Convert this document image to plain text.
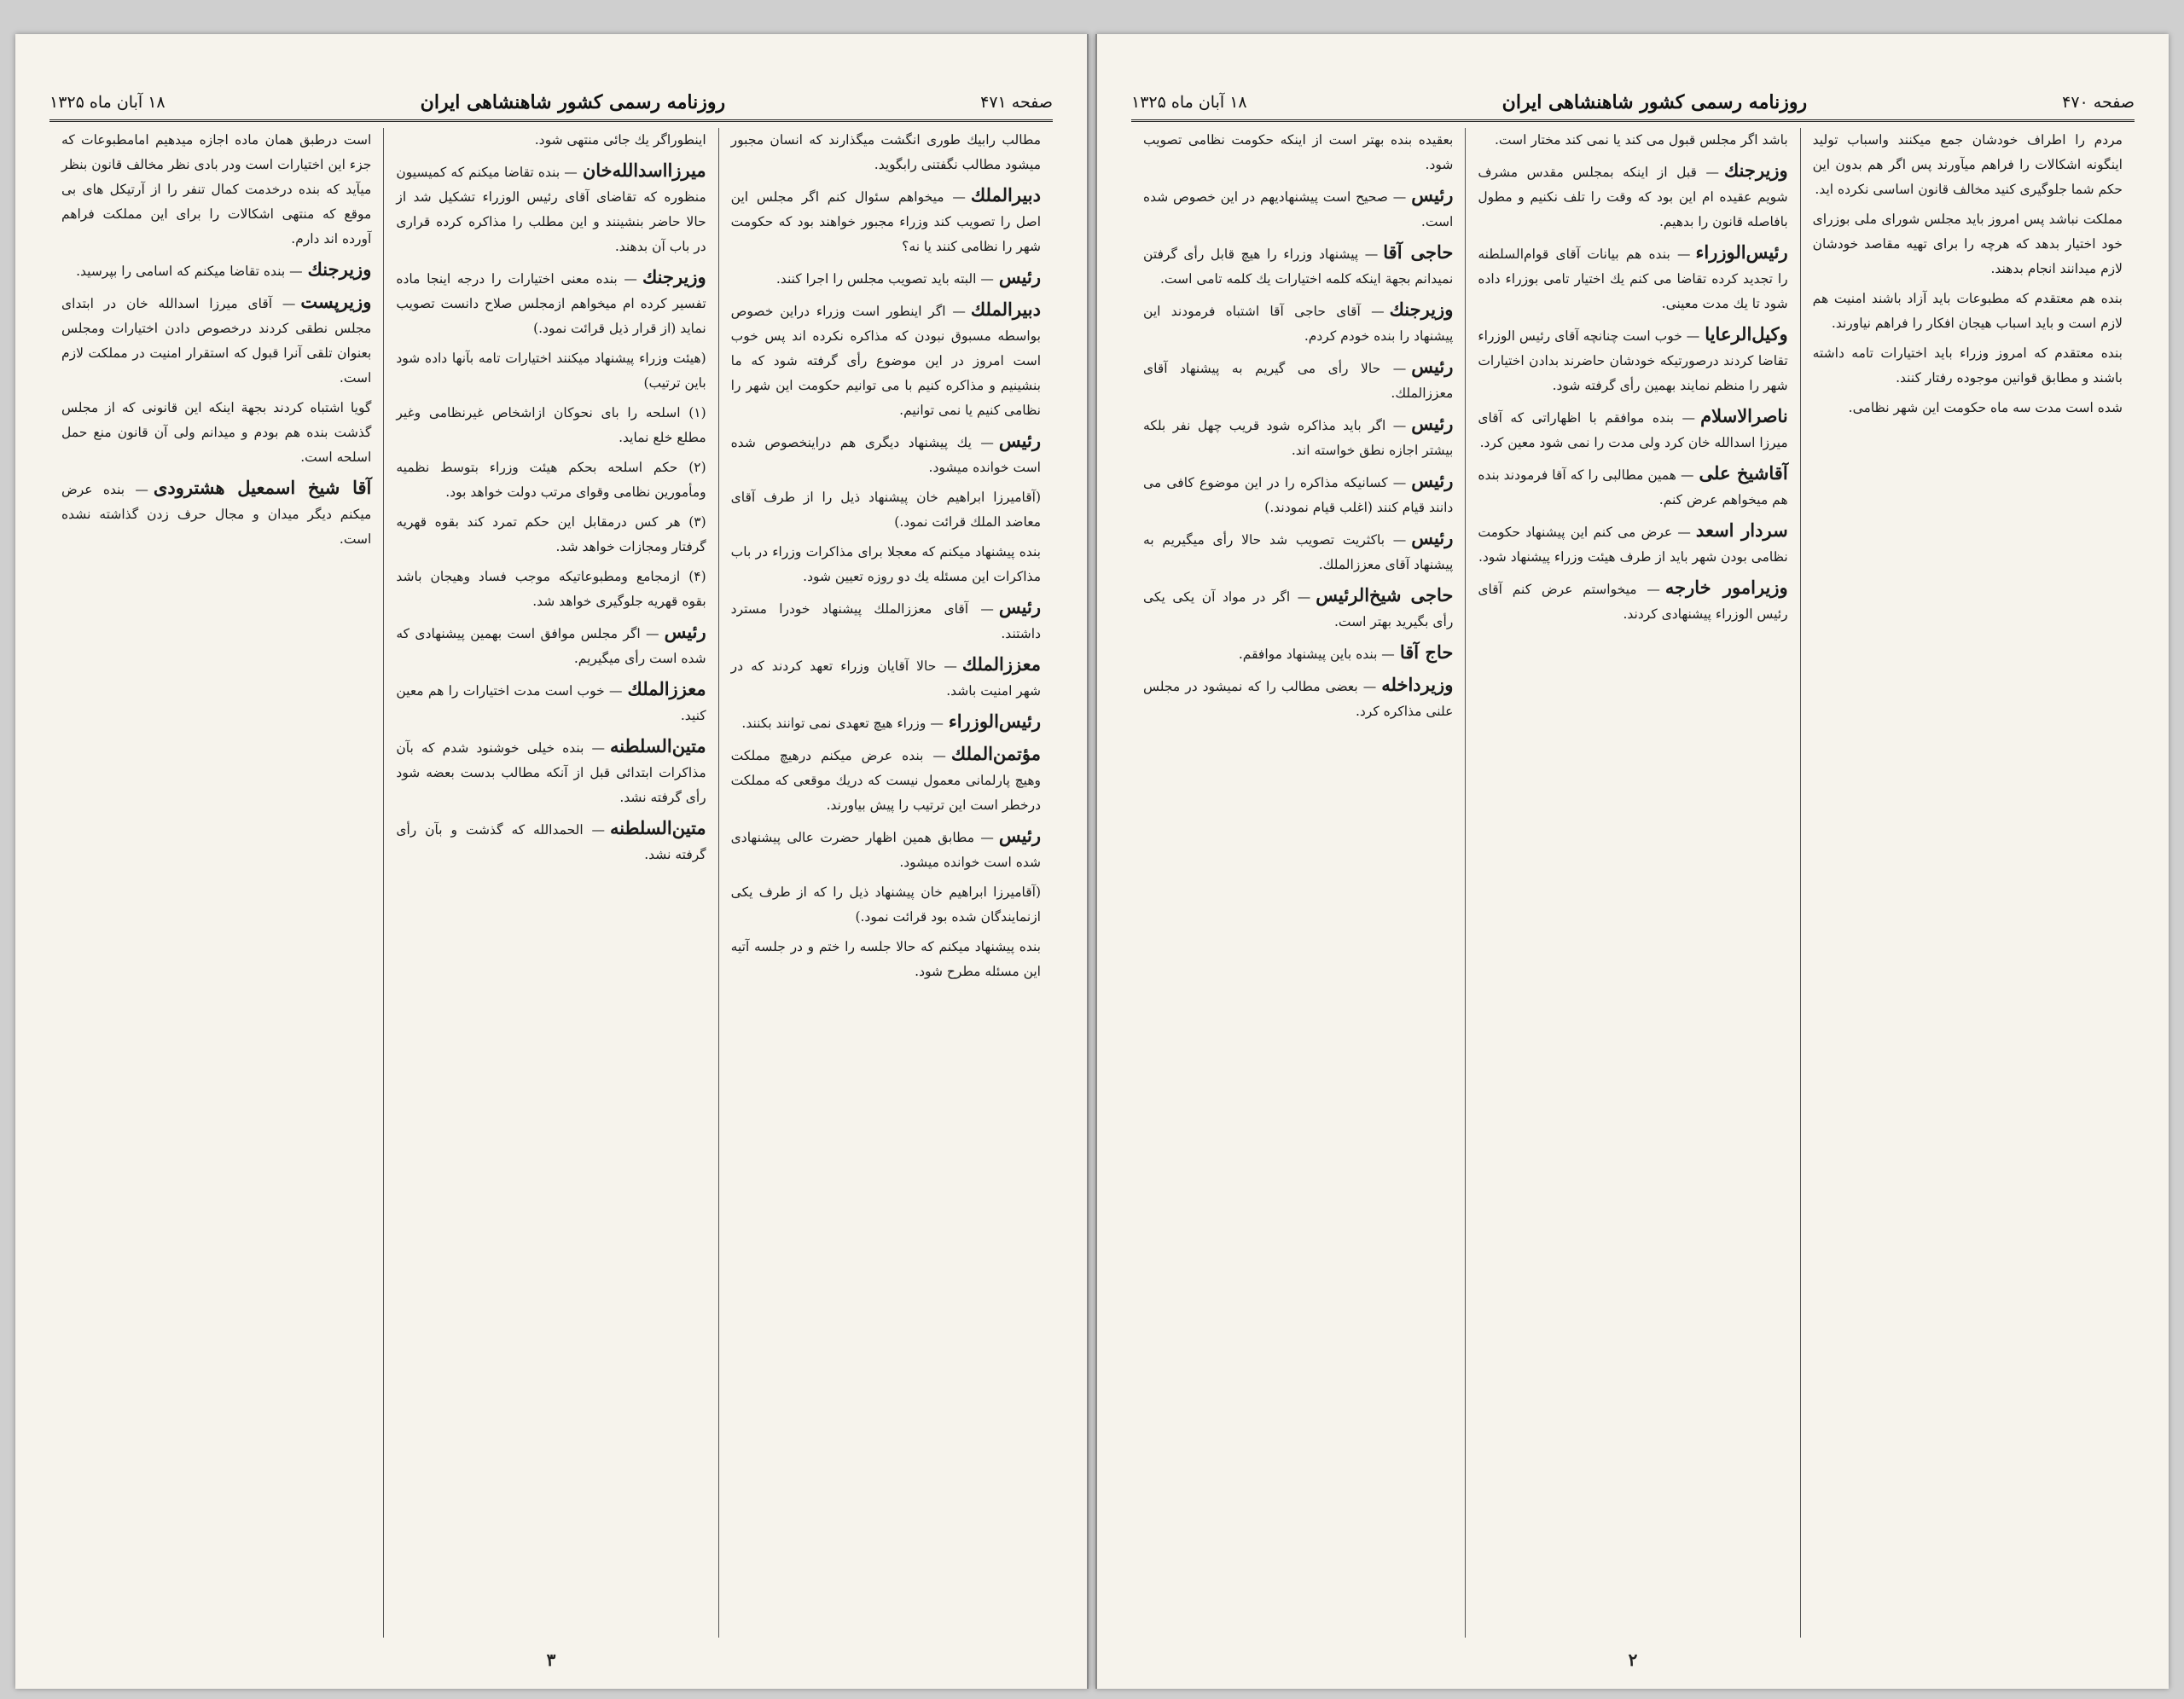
صفحه ۴۷۱
روزنامه رسمی کشور شاهنشاهی ایران
۱۸ آبان ماه ۱۳۲۵

مطالب رابیك طوری انگشت میگذارند كه انسان مجبور میشود مطالب نگفتنی رابگوید.

دبیرالملك— میخواهم سئوال كنم اگر مجلس این اصل را تصویب كند وزراء مجبور خواهند بود كه حكومت شهر را نظامی كنند یا نه؟

رئیس— البته باید تصویب مجلس را اجرا كنند.

دبیرالملك— اگر اینطور است وزراء دراین خصوص بواسطه مسبوق نبودن كه مذاكره نكرده اند پس خوب است امروز در این موضوع رأی گرفته شود كه ما بنشینیم و مذاكره كنیم با می توانیم حكومت این شهر را نظامی كنیم یا نمی توانیم.

رئیس— یك پیشنهاد دیگری هم دراینخصوص شده است خوانده میشود.

(آقامیرزا ابراهیم خان پیشنهاد ذیل را از طرف آقای معاضد الملك قرائت نمود.)

بنده پیشنهاد میكنم كه معجلا برای مذاكرات وزراء در باب مذاكرات این مسئله یك دو روزه تعیین شود.

رئیس— آقای معززالملك پیشنهاد خودرا مسترد داشتند.

معززالملك— حالا آقایان وزراء تعهد كردند كه در شهر امنیت باشد.

رئیس‌الوزراء— وزراء هیچ تعهدی نمی توانند بكنند.

مؤتمن‌الملك— بنده عرض میكنم درهیچ مملكت وهیچ پارلمانی معمول نیست كه دریك موقعی كه مملكت درخطر است این ترتیب را پیش بیاورند.

رئیس— مطابق همین اظهار حضرت عالی پیشنهادی شده است خوانده میشود.

(آقامیرزا ابراهیم خان پیشنهاد ذیل را كه از طرف یكی ازنمایندگان شده بود قرائت نمود.)

بنده پیشنهاد میكنم كه حالا جلسه را ختم و در جلسه آتیه این مسئله مطرح شود.

اینطوراگر یك جائی منتهی شود.

میرزااسدالله‌خان— بنده تقاضا میكنم كه كمیسیون منظوره كه تقاضای آقای رئیس الوزراء تشكیل شد از حالا حاضر بنشینند و این مطلب را مذاكره كرده قراری در باب آن بدهند.

وزیرجنك— بنده معنی اختیارات را درجه اینجا ماده تفسیر كرده ام میخواهم ازمجلس صلاح دانست تصویب نماید (از قرار ذیل قرائت نمود.)

(هیئت وزراء پیشنهاد میكنند اختیارات تامه بآنها داده شود باین ترتیب)

(۱) اسلحه را بای نحوكان ازاشخاص غیرنظامی وغیر مطلع خلع نماید.

(۲) حكم اسلحه بحكم هیئت وزراء بتوسط نظمیه ومأمورین نظامی وقوای مرتب دولت خواهد بود.

(۳) هر كس درمقابل این حكم تمرد كند بقوه قهریه گرفتار ومجازات خواهد شد.

(۴) ازمجامع ومطبوعاتیكه موجب فساد وهیجان باشد بقوه قهریه جلوگیری خواهد شد.

رئیس— اگر مجلس موافق است بهمین پیشنهادی كه شده است رأی میگیریم.

معززالملك— خوب است مدت اختیارات را هم معین كنید.

متین‌السلطنه— بنده خیلی خوشنود شدم كه بآن مذاكرات ابتدائی قبل از آنكه مطالب بدست بعضه شود رأی گرفته نشد.

متین‌السلطنه— الحمدالله كه گذشت و بآن رأی گرفته نشد.

است درطبق همان ماده اجازه میدهیم امامطبوعات كه جزء این اختیارات است ودر بادی نظر مخالف قانون بنظر میآید كه بنده درخدمت كمال تنفر را از آرتیكل های بی موقع كه منتهی اشكالات را برای این مملكت فراهم آورده اند دارم.

وزیرجنك— بنده تقاضا میكنم كه اسامی را بپرسید.

وزیرپست— آقای میرزا اسدالله خان در ابتدای مجلس نطقی كردند درخصوص دادن اختیارات ومجلس بعنوان تلقی آنرا قبول كه استقرار امنیت در مملكت لازم است.

گویا اشتباه كردند بجهة اینكه این قانونی كه از مجلس گذشت بنده هم بودم و میدانم ولی آن قانون منع حمل اسلحه است.

آقا شیخ اسمعیل هشترودی— بنده عرض میكنم دیگر میدان و مجال حرف زدن گذاشته نشده است.

۳
صفحه ۴۷۰
روزنامه رسمی كشور شاهنشاهی ایران
۱۸ آبان ماه ۱۳۲۵

مردم را اطراف خودشان جمع میكنند واسباب تولید اینگونه اشكالات را فراهم میآورند پس اگر هم بدون این حكم شما جلوگیری كنید مخالف قانون اساسی نكرده اید.

مملكت نباشد پس امروز باید مجلس شورای ملی بوزرای خود اختیار بدهد كه هرچه را برای تهیه مقاصد خودشان لازم میدانند انجام بدهند.

بنده هم معتقدم كه مطبوعات باید آزاد باشند امنیت هم لازم است و باید اسباب هیجان افكار را فراهم نیاورند.

بنده معتقدم كه امروز وزراء باید اختیارات تامه داشته باشند و مطابق قوانین موجوده رفتار كنند.

شده است مدت سه ماه حكومت این شهر نظامی.

باشد اگر مجلس قبول می كند یا نمی كند مختار است.

وزیرجنك— قبل از اینكه بمجلس مقدس مشرف شویم عقیده ام این بود كه وقت را تلف نكنیم و مطول بافاصله قانون را بدهیم.

رئیس‌الوزراء— بنده هم بیانات آقای قوام‌السلطنه را تجدید كرده تقاضا می كنم یك اختیار تامی بوزراء داده شود تا یك مدت معینی.

وكیل‌الرعایا— خوب است چنانچه آقای رئیس الوزراء تقاضا كردند درصورتیكه خودشان حاضرند بدادن اختیارات شهر را منظم نمایند بهمین رأی گرفته شود.

ناصرالاسلام— بنده موافقم با اظهاراتی كه آقای میرزا اسدالله خان كرد ولی مدت را نمی شود معین كرد.

آقاشیخ علی— همین مطالبی را كه آقا فرمودند بنده هم میخواهم عرض كنم.

سردار اسعد— عرض می كنم این پیشنهاد حكومت نظامی بودن شهر باید از طرف هیئت وزراء پیشنهاد شود.

وزیرامور خارجه— میخواستم عرض كنم آقای رئیس الوزراء پیشنهادی كردند.

بعقیده بنده بهتر است از اینكه حكومت نظامی تصویب شود.

رئیس— صحیح است پیشنهادیهم در این خصوص شده است.

حاجی آقا— پیشنهاد وزراء را هیچ قابل رأی گرفتن نمیدانم بجهة اینكه كلمه اختیارات یك كلمه تامی است.

وزیرجنك— آقای حاجی آقا اشتباه فرمودند این پیشنهاد را بنده خودم كردم.

رئیس— حالا رأی می گیریم به پیشنهاد آقای معززالملك.

رئیس— اگر باید مذاكره شود قریب چهل نفر بلكه بیشتر اجازه نطق خواسته اند.

رئیس— كسانیكه مذاكره را در این موضوع كافی می دانند قیام كنند (اغلب قیام نمودند.)

رئیس— باكثریت تصویب شد حالا رأی میگیریم به پیشنهاد آقای معززالملك.

حاجی شیخ‌الرئیس— اگر در مواد آن یكی یكی رأی بگیرید بهتر است.

حاج آقا— بنده باین پیشنهاد موافقم.

وزیرداخله— بعضی مطالب را كه نمیشود در مجلس علنی مذاكره كرد.

۲
